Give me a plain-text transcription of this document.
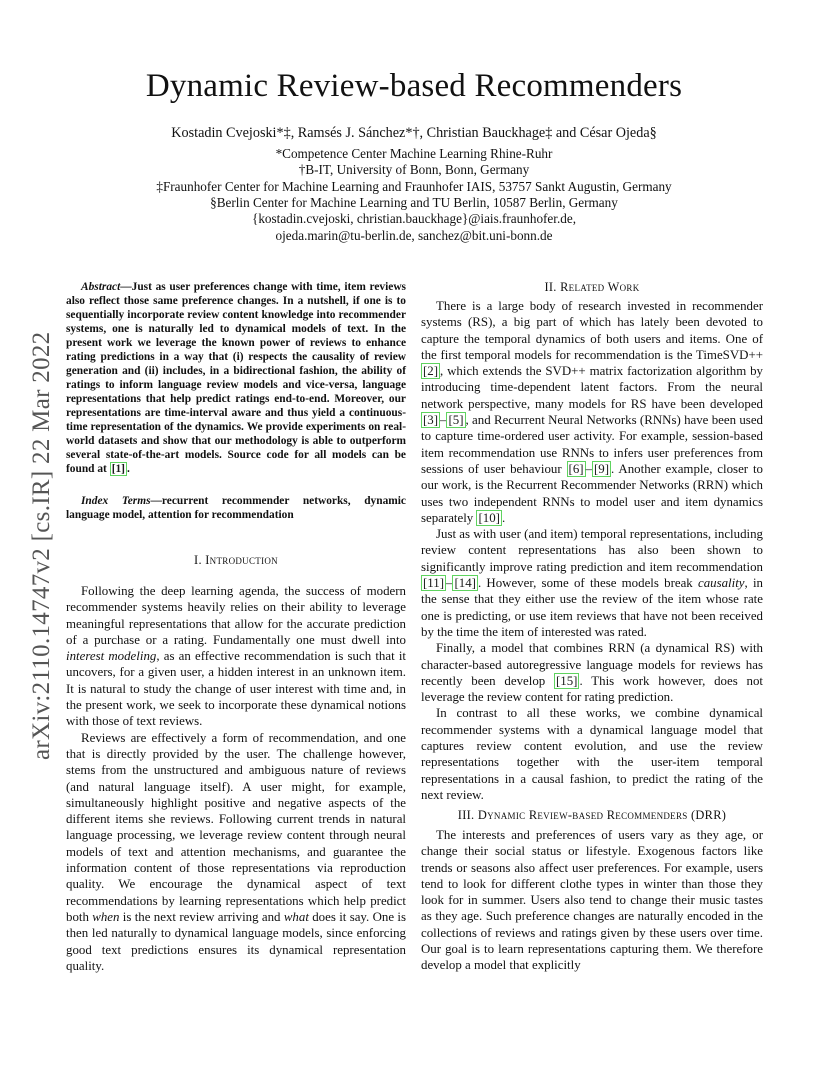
Dynamic Review-based Recommenders
Kostadin Cvejoski*‡, Ramsés J. Sánchez*†, Christian Bauckhage‡ and César Ojeda§
*Competence Center Machine Learning Rhine-Ruhr
†B-IT, University of Bonn, Bonn, Germany
‡Fraunhofer Center for Machine Learning and Fraunhofer IAIS, 53757 Sankt Augustin, Germany
§Berlin Center for Machine Learning and TU Berlin, 10587 Berlin, Germany
{kostadin.cvejoski, christian.bauckhage}@iais.fraunhofer.de,
ojeda.marin@tu-berlin.de, sanchez@bit.uni-bonn.de
arXiv:2110.14747v2 [cs.IR] 22 Mar 2022
Abstract—Just as user preferences change with time, item reviews also reflect those same preference changes. In a nutshell, if one is to sequentially incorporate review content knowledge into recommender systems, one is naturally led to dynamical models of text. In the present work we leverage the known power of reviews to enhance rating predictions in a way that (i) respects the causality of review generation and (ii) includes, in a bidirectional fashion, the ability of ratings to inform language review models and vice-versa, language representations that help predict ratings end-to-end. Moreover, our representations are time-interval aware and thus yield a continuous-time representation of the dynamics. We provide experiments on real-world datasets and show that our methodology is able to outperform several state-of-the-art models. Source code for all models can be found at [1] .
Index Terms—recurrent recommender networks, dynamic language model, attention for recommendation
I. Introduction

Following the deep learning agenda, the success of modern recommender systems heavily relies on their ability to leverage meaningful representations that allow for the accurate prediction of a purchase or a rating. Fundamentally one must dwell into interest modeling, as an effective recommendation is such that it uncovers, for a given user, a hidden interest in an unknown item. It is natural to study the change of user interest with time and, in the present work, we seek to incorporate these dynamical notions with those of text reviews.

Reviews are effectively a form of recommendation, and one that is directly provided by the user. The challenge however, stems from the unstructured and ambiguous nature of reviews (and natural language itself). A user might, for example, simultaneously highlight positive and negative aspects of the different items she reviews. Following current trends in natural language processing, we leverage review content through neural models of text and attention mechanisms, and guarantee the information content of those representations via reproduction quality. We encourage the dynamical aspect of text recommendations by learning representations which help predict both when is the next review arriving and what does it say. One is then led naturally to dynamical language models, since enforcing good text predictions ensures its dynamical representation quality.

II. Related Work

There is a large body of research invested in recommender systems (RS), a big part of which has lately been devoted to capture the temporal dynamics of both users and items. One of the first temporal models for recommendation is the TimeSVD++ [2] , which extends the SVD++ matrix factorization algorithm by introducing time-dependent latent factors. From the neural network perspective, many models for RS have been developed [3] – [5] , and Recurrent Neural Networks (RNNs) have been used to capture time-ordered user activity. For example, session-based item recommendation use RNNs to infers user preferences from sessions of user behaviour [6] – [9] . Another example, closer to our work, is the Recurrent Recommender Networks (RRN) which uses two independent RNNs to model user and item dynamics separately [10] .

Just as with user (and item) temporal representations, including review content representations has also been shown to significantly improve rating prediction and item recommendation [11] – [14] . However, some of these models break causality, in the sense that they either use the review of the item whose rate one is predicting, or use item reviews that have not been received by the time the item of interested was rated.

Finally, a model that combines RRN (a dynamical RS) with character-based autoregressive language models for reviews has recently been develop [15] . This work however, does not leverage the review content for rating prediction.

In contrast to all these works, we combine dynamical recommender systems with a dynamical language model that captures review content evolution, and use the review representations together with the user-item temporal representations in a causal fashion, to predict the rating of the next review.

III. Dynamic Review-based Recommenders (DRR)

The interests and preferences of users vary as they age, or change their social status or lifestyle. Exogenous factors like trends or seasons also affect user preferences. For example, users tend to look for different clothe types in winter than those they look for in summer. Users also tend to change their music tastes as they age. Such preference changes are naturally encoded in the collections of reviews and ratings given by these users over time. Our goal is to learn representations capturing them. We therefore develop a model that explicitly
